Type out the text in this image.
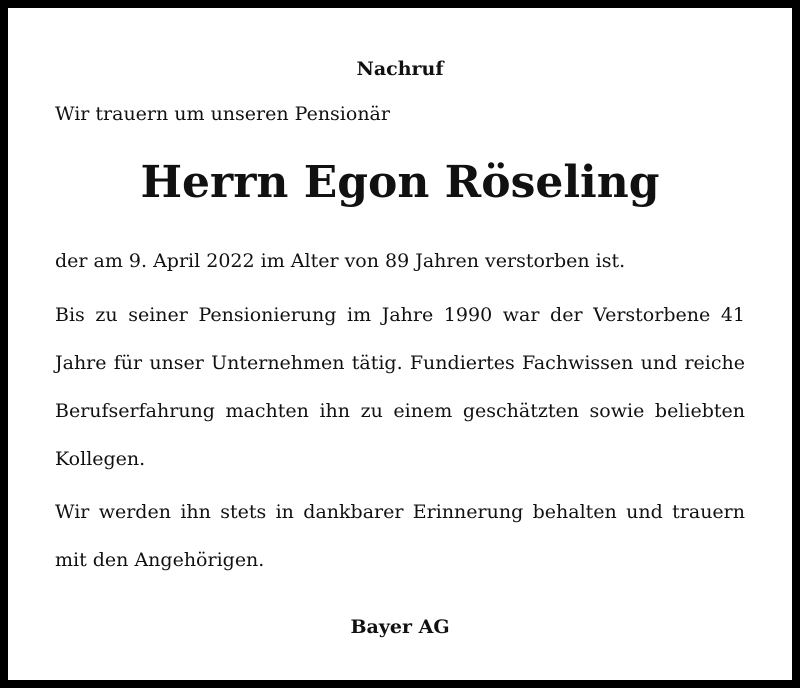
Nachruf
Wir trauern um unseren Pensionär
Herrn Egon Röseling
der am 9. April 2022 im Alter von 89 Jahren verstorben ist.
Bis zu seiner Pensionierung im Jahre 1990 war der Verstorbene 41 Jahre für unser Unternehmen tätig. Fundiertes Fachwissen und reiche Berufserfahrung machten ihn zu einem geschätzten sowie beliebten Kollegen.
Wir werden ihn stets in dankbarer Erinnerung behalten und trauern mit den Angehörigen.
Bayer AG
